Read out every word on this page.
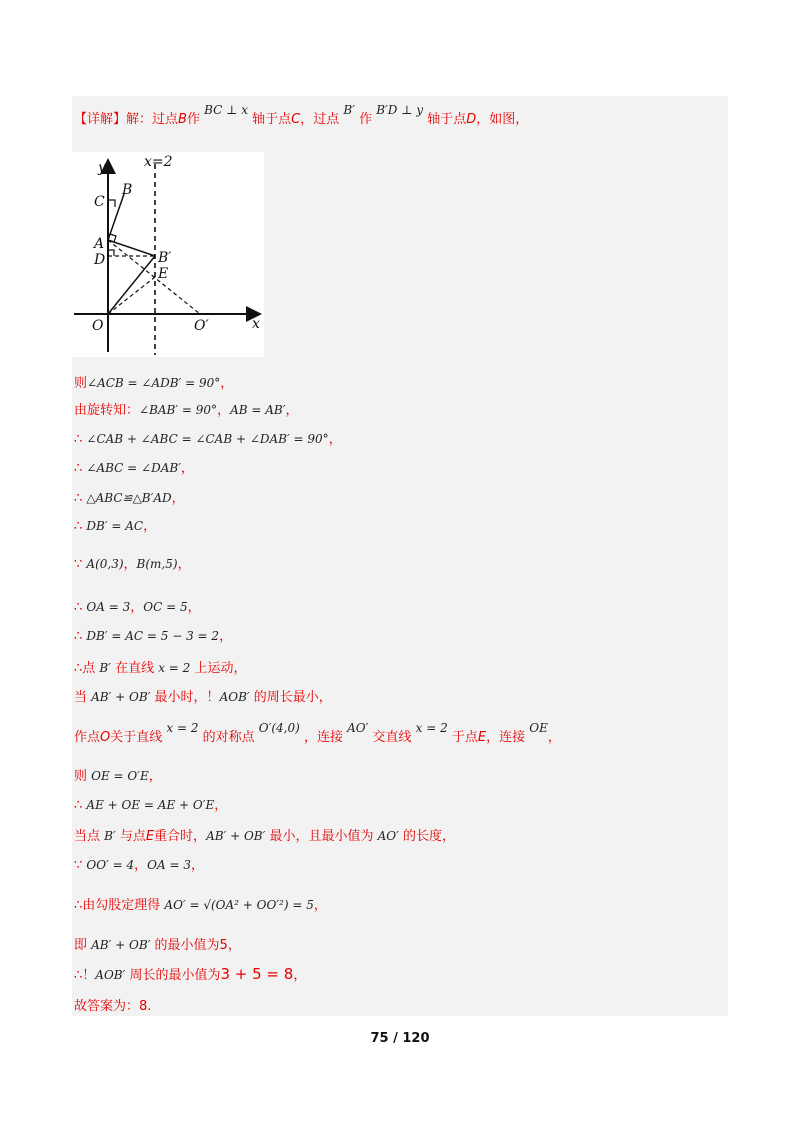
【详解】解：过点B作 BC ⊥ x 轴于点C，过点 B′ 作 B′D ⊥ y 轴于点D，如图，
y
x
x=2
O	O′
A
B
C
D	B′
E
则∠ACB = ∠ADB′ = 90°，
由旋转知：∠BAB′ = 90°，AB = AB′，
∴ ∠CAB + ∠ABC = ∠CAB + ∠DAB′ = 90°，
∴ ∠ABC = ∠DAB′，
∴ △ABC≌△B′AD，
∴ DB′ = AC，
∵ A(0,3)，B(m,5)，
∴ OA = 3，OC = 5，
∴ DB′ = AC = 5 − 3 = 2，
∴点 B′ 在直线 x = 2 上运动，
当 AB′ + OB′ 最小时，！AOB′ 的周长最小，
作点O关于直线 x = 2 的对称点 O′(4,0) ，连接 AO′ 交直线 x = 2 于点E，连接 OE，
则 OE = O′E，
∴ AE + OE = AE + O′E，
当点 B′ 与点E重合时，AB′ + OB′ 最小，且最小值为 AO′ 的长度，
∵ OO′ = 4，OA = 3，
∴由勾股定理得 AO′ = √(OA² + OO′²) = 5，
即 AB′ + OB′ 的最小值为5，
∴！AOB′ 周长的最小值为3 + 5 = 8，
故答案为：8.
75 / 120
